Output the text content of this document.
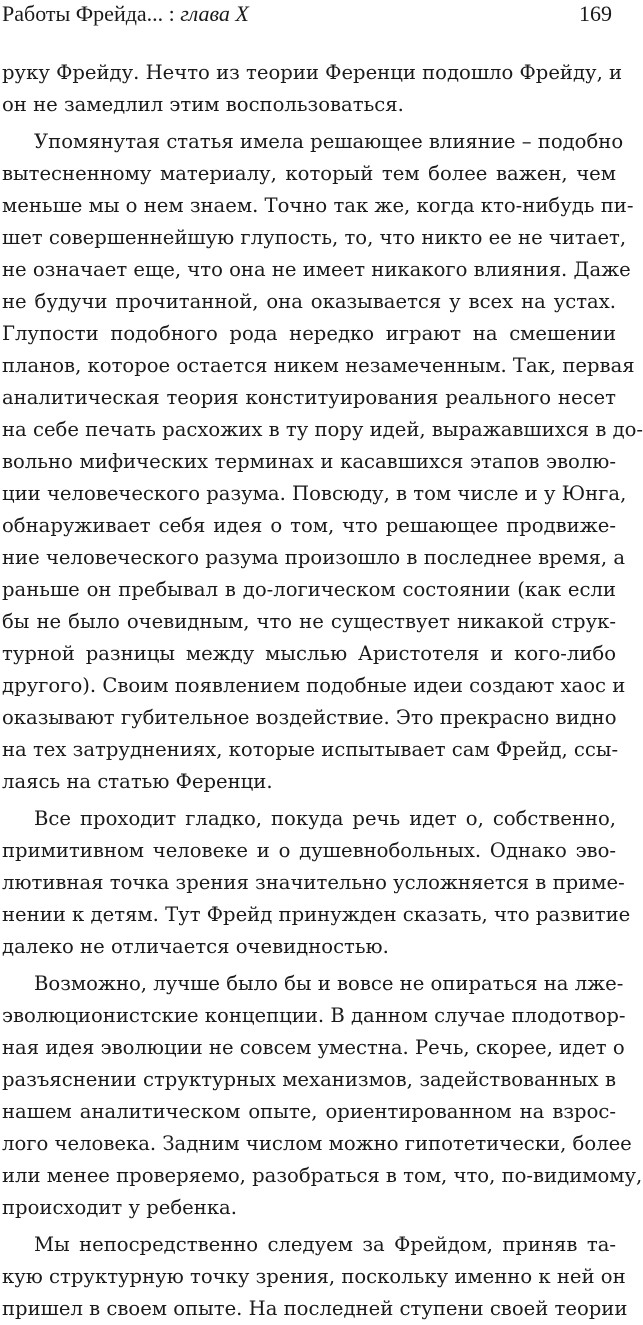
Работы Фрейда... : глава X	169
руку Фрейду. Нечто из теории Ференци подошло Фрейду, и
он не замедлил этим воспользоваться.
Упомянутая статья имела решающее влияние – подобно
вытесненному материалу, который тем более важен, чем
меньше мы о нем знаем. Точно так же, когда кто-нибудь пи-
шет совершеннейшую глупость, то, что никто ее не читает,
не означает еще, что она не имеет никакого влияния. Даже
не будучи прочитанной, она оказывается у всех на устах.
Глупости подобного рода нередко играют на смешении
планов, которое остается никем незамеченным. Так, первая
аналитическая теория конституирования реального несет
на себе печать расхожих в ту пору идей, выражавшихся в до-
вольно мифических терминах и касавшихся этапов эволю-
ции человеческого разума. Повсюду, в том числе и у Юнга,
обнаруживает себя идея о том, что решающее продвиже-
ние человеческого разума произошло в последнее время, а
раньше он пребывал в до-логическом состоянии (как если
бы не было очевидным, что не существует никакой струк-
турной разницы между мыслью Аристотеля и кого-либо
другого). Своим появлением подобные идеи создают хаос и
оказывают губительное воздействие. Это прекрасно видно
на тех затруднениях, которые испытывает сам Фрейд, ссы-
лаясь на статью Ференци.
Все проходит гладко, покуда речь идет о, собственно,
примитивном человеке и о душевнобольных. Однако эво-
лютивная точка зрения значительно усложняется в приме-
нении к детям. Тут Фрейд принужден сказать, что развитие
далеко не отличается очевидностью.
Возможно, лучше было бы и вовсе не опираться на лже-
эволюционистские концепции. В данном случае плодотвор-
ная идея эволюции не совсем уместна. Речь, скорее, идет о
разъяснении структурных механизмов, задействованных в
нашем аналитическом опыте, ориентированном на взрос-
лого человека. Задним числом можно гипотетически, более
или менее проверяемо, разобраться в том, что, по-видимому,
происходит у ребенка.
Мы непосредственно следуем за Фрейдом, приняв та-
кую структурную точку зрения, поскольку именно к ней он
пришел в своем опыте. На последней ступени своей теории
